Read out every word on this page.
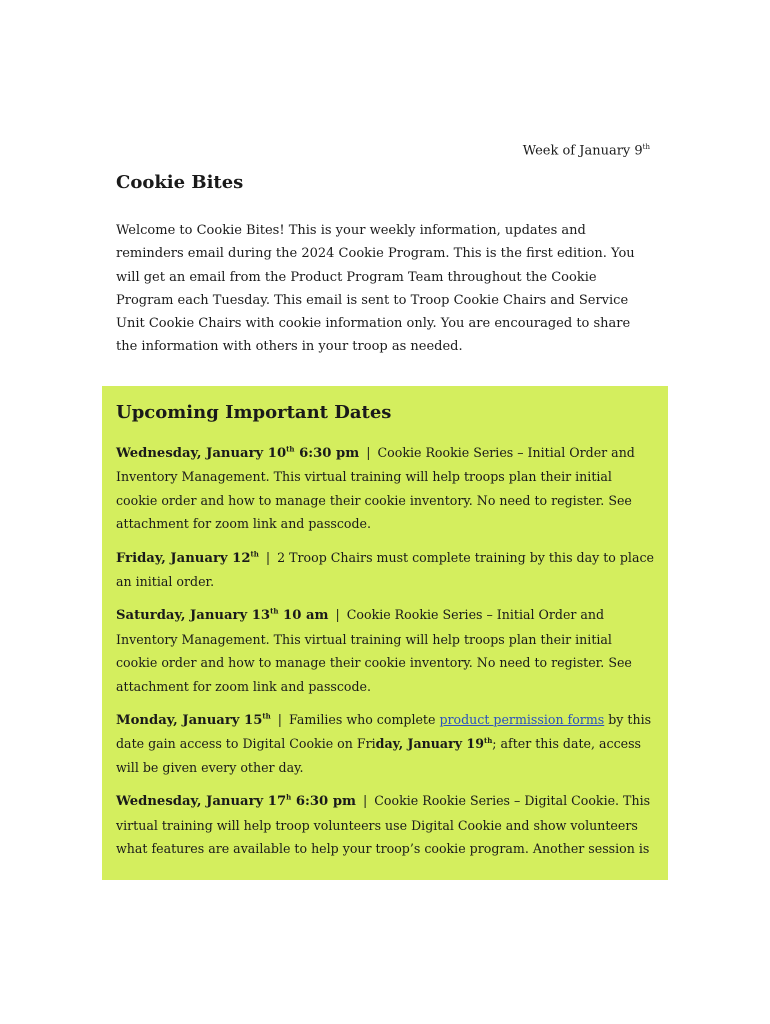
Week of January 9th
Cookie Bites

Welcome to Cookie Bites! This is your weekly information, updates and reminders email during the 2024 Cookie Program. This is the first edition. You will get an email from the Product Program Team throughout the Cookie Program each Tuesday. This email is sent to Troop Cookie Chairs and Service Unit Cookie Chairs with cookie information only. You are encouraged to share the information with others in your troop as needed.

Upcoming Important Dates

Wednesday, January 10th 6:30 pm | Cookie Rookie Series – Initial Order and Inventory Management. This virtual training will help troops plan their initial cookie order and how to manage their cookie inventory. No need to register. See attachment for zoom link and passcode.

Friday, January 12th | 2 Troop Chairs must complete training by this day to place an initial order.

Saturday, January 13th 10 am | Cookie Rookie Series – Initial Order and Inventory Management. This virtual training will help troops plan their initial cookie order and how to manage their cookie inventory. No need to register. See attachment for zoom link and passcode.

Monday, January 15th | Families who complete product permission forms by this date gain access to Digital Cookie on Friday, January 19th; after this date, access will be given every other day.

Wednesday, January 17$^h$ 6:30 pm | Cookie Rookie Series – Digital Cookie. This virtual training will help troop volunteers use Digital Cookie and show volunteers what features are available to help your troop’s cookie program. Another session is
